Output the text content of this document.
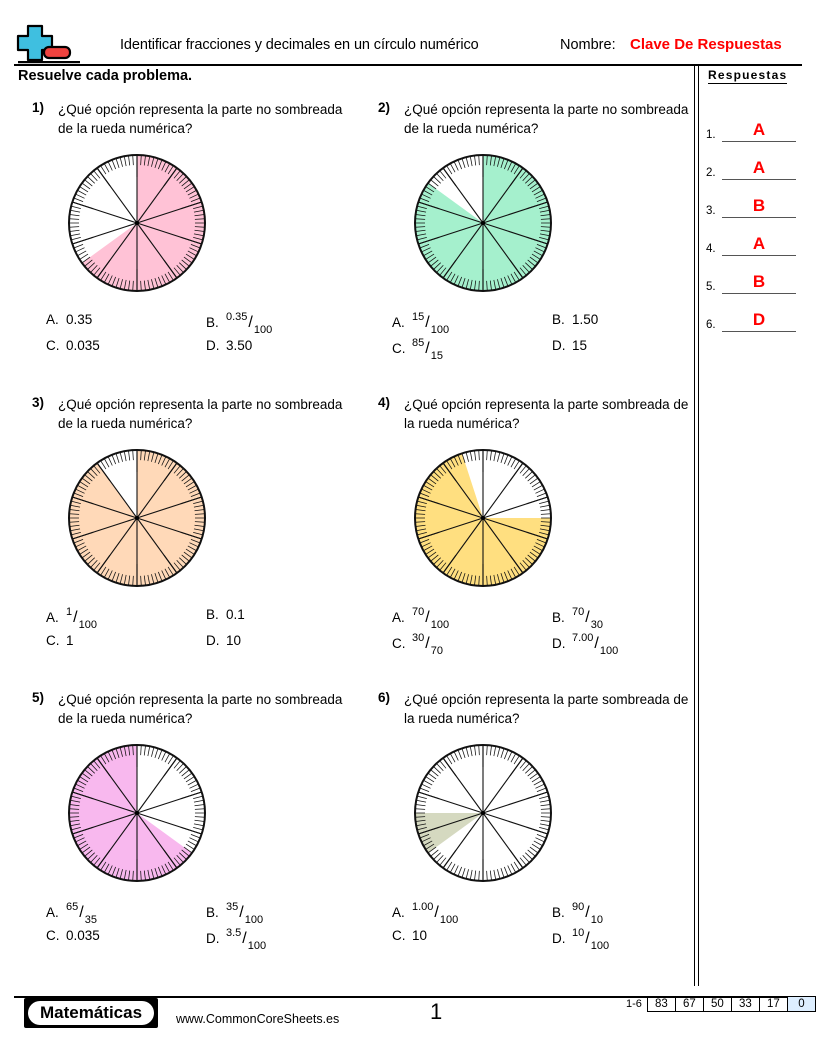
Identificar fracciones y decimales en un círculo numérico	Nombre: Clave De Respuestas
Resuelve cada problema.	Respuestas
1.	A
2.	A
3.	B
4.	A
5.	B
6.	D
1) ¿Qué opción representa la parte no sombreada de la rueda numérica?
A. 0.35	B. $^{0.35}/_{100}$
C. 0.035	D. 3.50
2) ¿Qué opción representa la parte no sombreada de la rueda numérica?
A. $^{15}/_{100}$
B. 1.50
C. $^{85}/_{15}$
D. 15
3) ¿Qué opción representa la parte no sombreada de la rueda numérica?
A. $^1/_{100}$
B. 0.1
C. 1	D. 10
4) ¿Qué opción representa la parte sombreada de la rueda numérica?
A. $^{70}/_{100}$
B. $^{70}/_{30}$
C. $^{30}/_{70}$
D. $^{7.00}/_{100}$
5) ¿Qué opción representa la parte no sombreada de la rueda numérica?
A. $^{65}/_{35}$
B. $^{35}/_{100}$
C. 0.035	D. $^{3.5}/_{100}$
6) ¿Qué opción representa la parte sombreada de la rueda numérica?
A. $^{1.00}/_{100}$
B. $^{90}/_{10}$
C. 10	D. $^{10}/_{100}$
Matemáticas	www.CommonCoreSheets.es	1	1-6	83	67	50	33	17	0
